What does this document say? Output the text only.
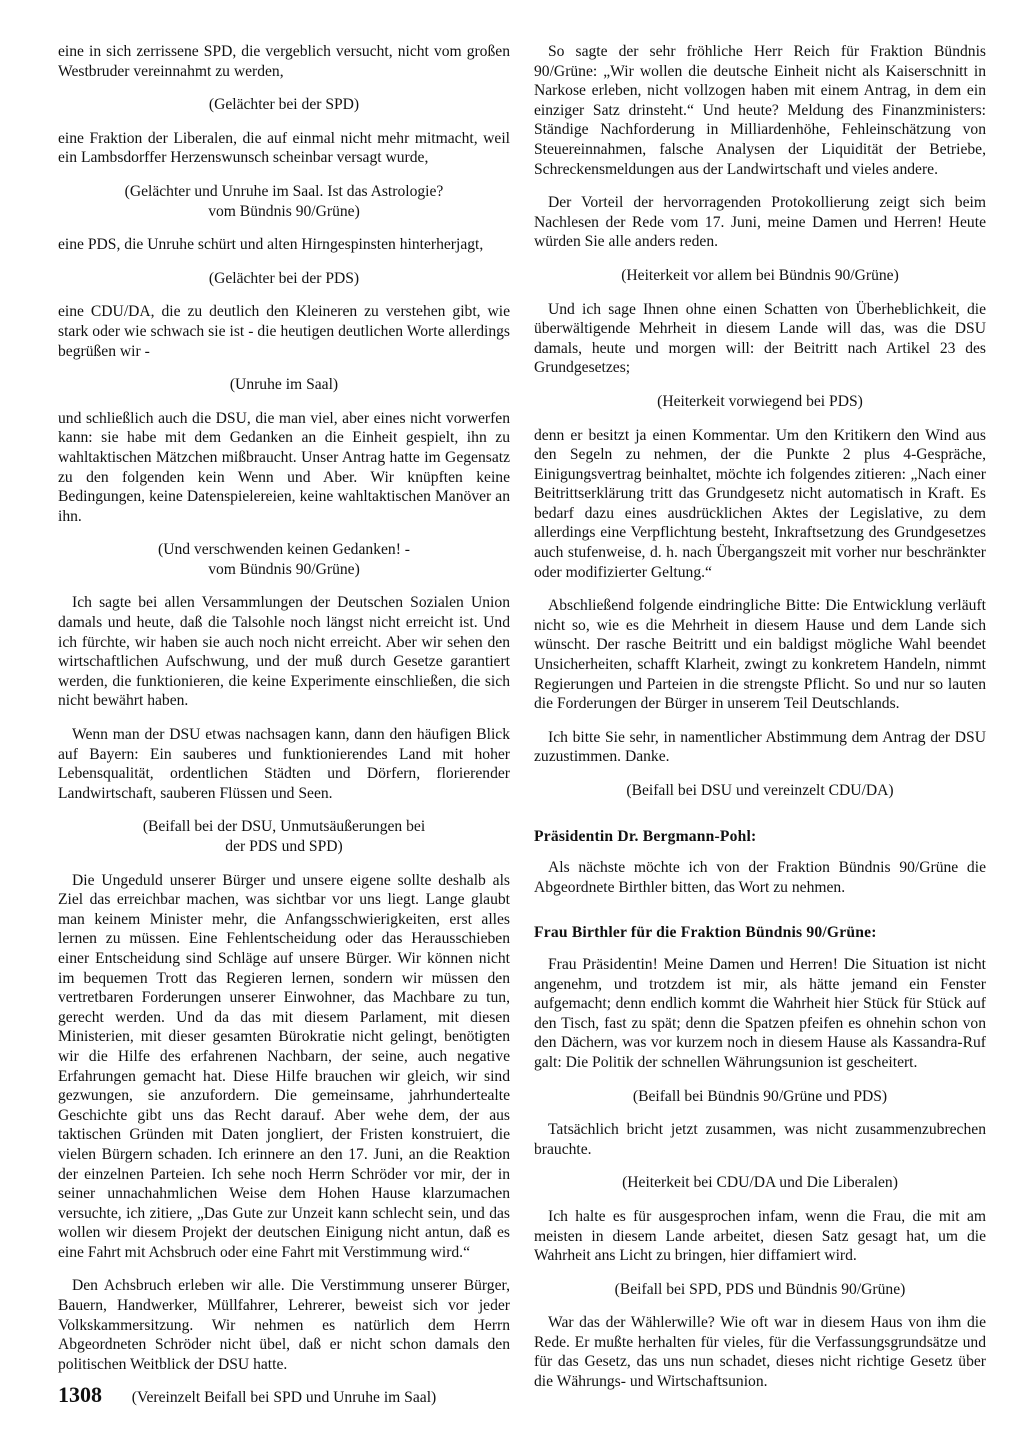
eine in sich zerrissene SPD, die vergeblich versucht, nicht vom großen Westbruder vereinnahmt zu werden,

(Gelächter bei der SPD)

eine Fraktion der Liberalen, die auf einmal nicht mehr mitmacht, weil ein Lambsdorffer Herzenswunsch scheinbar versagt wurde,

(Gelächter und Unruhe im Saal. Ist das Astrologie?
vom Bündnis 90/Grüne)

eine PDS, die Unruhe schürt und alten Hirngespinsten hinterherjagt,

(Gelächter bei der PDS)

eine CDU/DA, die zu deutlich den Kleineren zu verstehen gibt, wie stark oder wie schwach sie ist - die heutigen deutlichen Worte allerdings begrüßen wir -

(Unruhe im Saal)

und schließlich auch die DSU, die man viel, aber eines nicht vorwerfen kann: sie habe mit dem Gedanken an die Einheit gespielt, ihn zu wahltaktischen Mätzchen mißbraucht. Unser Antrag hatte im Gegensatz zu den folgenden kein Wenn und Aber. Wir knüpften keine Bedingungen, keine Datenspielereien, keine wahltaktischen Manöver an ihn.

(Und verschwenden keinen Gedanken! -
vom Bündnis 90/Grüne)

Ich sagte bei allen Versammlungen der Deutschen Sozialen Union damals und heute, daß die Talsohle noch längst nicht erreicht ist. Und ich fürchte, wir haben sie auch noch nicht erreicht. Aber wir sehen den wirtschaftlichen Aufschwung, und der muß durch Gesetze garantiert werden, die funktionieren, die keine Experimente einschließen, die sich nicht bewährt haben.

Wenn man der DSU etwas nachsagen kann, dann den häufigen Blick auf Bayern: Ein sauberes und funktionierendes Land mit hoher Lebensqualität, ordentlichen Städten und Dörfern, florierender Landwirtschaft, sauberen Flüssen und Seen.

(Beifall bei der DSU, Unmutsäußerungen bei
der PDS und SPD)

Die Ungeduld unserer Bürger und unsere eigene sollte deshalb als Ziel das erreichbar machen, was sichtbar vor uns liegt. Lange glaubt man keinem Minister mehr, die Anfangsschwierigkeiten, erst alles lernen zu müssen. Eine Fehlentscheidung oder das Herausschieben einer Entscheidung sind Schläge auf unsere Bürger. Wir können nicht im bequemen Trott das Regieren lernen, sondern wir müssen den vertretbaren Forderungen unserer Einwohner, das Machbare zu tun, gerecht werden. Und da das mit diesem Parlament, mit diesen Ministerien, mit dieser gesamten Bürokratie nicht gelingt, benötigten wir die Hilfe des erfahrenen Nachbarn, der seine, auch negative Erfahrungen gemacht hat. Diese Hilfe brauchen wir gleich, wir sind gezwungen, sie anzufordern. Die gemeinsame, jahrhundertealte Geschichte gibt uns das Recht darauf. Aber wehe dem, der aus taktischen Gründen mit Daten jongliert, der Fristen konstruiert, die vielen Bürgern schaden. Ich erinnere an den 17. Juni, an die Reaktion der einzelnen Parteien. Ich sehe noch Herrn Schröder vor mir, der in seiner unnachahmlichen Weise dem Hohen Hause klarzumachen versuchte, ich zitiere, „Das Gute zur Unzeit kann schlecht sein, und das wollen wir diesem Projekt der deutschen Einigung nicht antun, daß es eine Fahrt mit Achsbruch oder eine Fahrt mit Verstimmung wird.“

Den Achsbruch erleben wir alle. Die Verstimmung unserer Bürger, Bauern, Handwerker, Müllfahrer, Lehrerer, beweist sich vor jeder Volkskammersitzung. Wir nehmen es natürlich dem Herrn Abgeordneten Schröder nicht übel, daß er nicht schon damals den politischen Weitblick der DSU hatte.

(Vereinzelt Beifall bei SPD und Unruhe im Saal)

So sagte der sehr fröhliche Herr Reich für Fraktion Bündnis 90/Grüne: „Wir wollen die deutsche Einheit nicht als Kaiserschnitt in Narkose erleben, nicht vollzogen haben mit einem Antrag, in dem ein einziger Satz drinsteht.“ Und heute? Meldung des Finanzministers: Ständige Nachforderung in Milliardenhöhe, Fehleinschätzung von Steuereinnahmen, falsche Analysen der Liquidität der Betriebe, Schreckensmeldungen aus der Landwirtschaft und vieles andere.

Der Vorteil der hervorragenden Protokollierung zeigt sich beim Nachlesen der Rede vom 17. Juni, meine Damen und Herren! Heute würden Sie alle anders reden.

(Heiterkeit vor allem bei Bündnis 90/Grüne)

Und ich sage Ihnen ohne einen Schatten von Überheblichkeit, die überwältigende Mehrheit in diesem Lande will das, was die DSU damals, heute und morgen will: der Beitritt nach Artikel 23 des Grundgesetzes;

(Heiterkeit vorwiegend bei PDS)

denn er besitzt ja einen Kommentar. Um den Kritikern den Wind aus den Segeln zu nehmen, der die Punkte 2 plus 4-Gespräche, Einigungsvertrag beinhaltet, möchte ich folgendes zitieren: „Nach einer Beitrittserklärung tritt das Grundgesetz nicht automatisch in Kraft. Es bedarf dazu eines ausdrücklichen Aktes der Legislative, zu dem allerdings eine Verpflichtung besteht, Inkraftsetzung des Grundgesetzes auch stufenweise, d. h. nach Übergangszeit mit vorher nur beschränkter oder modifizierter Geltung.“

Abschließend folgende eindringliche Bitte: Die Entwicklung verläuft nicht so, wie es die Mehrheit in diesem Hause und dem Lande sich wünscht. Der rasche Beitritt und ein baldigst mögliche Wahl beendet Unsicherheiten, schafft Klarheit, zwingt zu konkretem Handeln, nimmt Regierungen und Parteien in die strengste Pflicht. So und nur so lauten die Forderungen der Bürger in unserem Teil Deutschlands.

Ich bitte Sie sehr, in namentlicher Abstimmung dem Antrag der DSU zuzustimmen. Danke.

(Beifall bei DSU und vereinzelt CDU/DA)

Präsidentin Dr. Bergmann-Pohl:

Als nächste möchte ich von der Fraktion Bündnis 90/Grüne die Abgeordnete Birthler bitten, das Wort zu nehmen.

Frau Birthler für die Fraktion Bündnis 90/Grüne:

Frau Präsidentin! Meine Damen und Herren! Die Situation ist nicht angenehm, und trotzdem ist mir, als hätte jemand ein Fenster aufgemacht; denn endlich kommt die Wahrheit hier Stück für Stück auf den Tisch, fast zu spät; denn die Spatzen pfeifen es ohnehin schon von den Dächern, was vor kurzem noch in diesem Hause als Kassandra-Ruf galt: Die Politik der schnellen Währungsunion ist gescheitert.

(Beifall bei Bündnis 90/Grüne und PDS)

Tatsächlich bricht jetzt zusammen, was nicht zusammenzubrechen brauchte.

(Heiterkeit bei CDU/DA und Die Liberalen)

Ich halte es für ausgesprochen infam, wenn die Frau, die mit am meisten in diesem Lande arbeitet, diesen Satz gesagt hat, um die Wahrheit ans Licht zu bringen, hier diffamiert wird.

(Beifall bei SPD, PDS und Bündnis 90/Grüne)

War das der Wählerwille? Wie oft war in diesem Haus von ihm die Rede. Er mußte herhalten für vieles, für die Verfassungsgrundsätze und für das Gesetz, das uns nun schadet, dieses nicht richtige Gesetz über die Währungs- und Wirtschaftsunion.

1308
